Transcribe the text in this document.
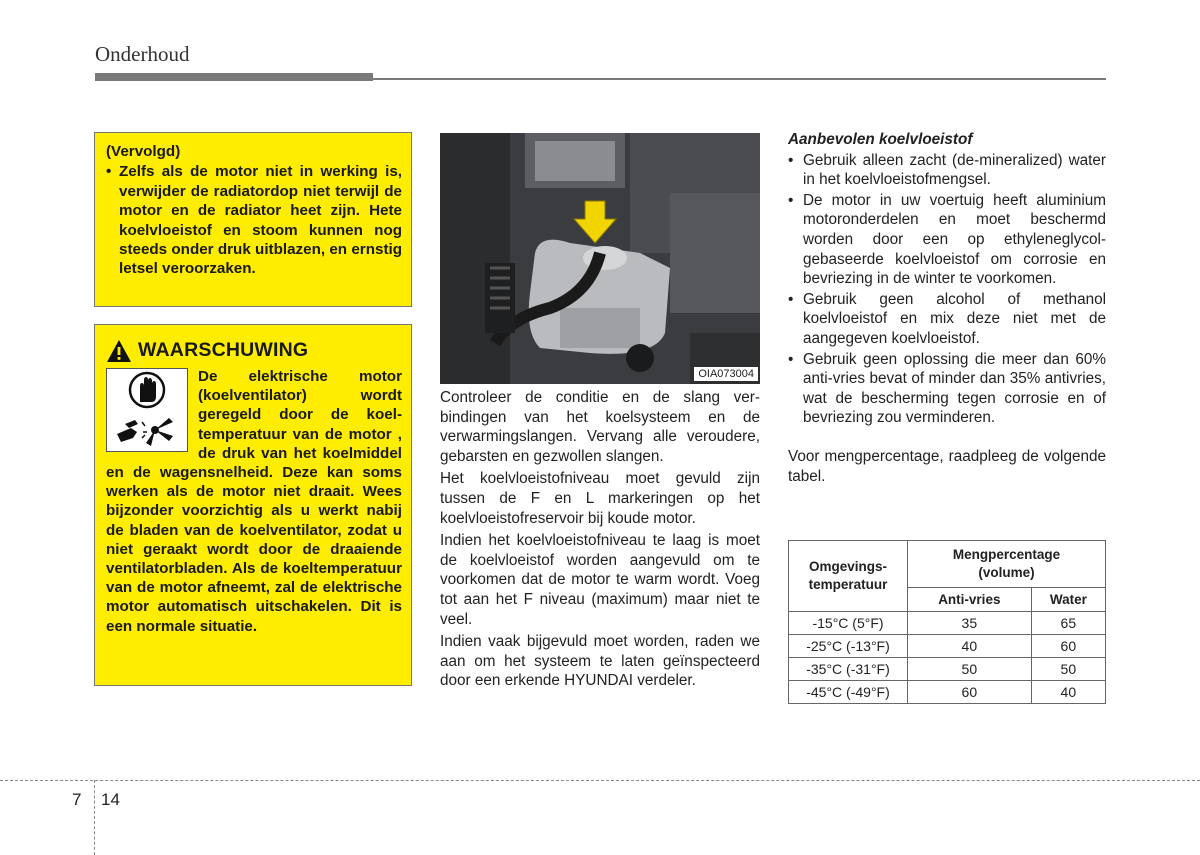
Onderhoud
(Vervolgd)
• Zelfs als de motor niet in werking is, verwijder de radiatordop niet terwijl de motor en de radiator heet zijn. Hete koelvloeistof en stoom kunnen nog steeds onder druk uitblazen, en ernstig letsel veroorzaken.
WAARSCHUWING
De elektrische motor (koelventilator) wordt geregeld door de koeltemperatuur van de motor , de druk van het koelmiddel en de wagensnelheid. Deze kan soms werken als de motor niet draait. Wees bijzonder voorzichtig als u werkt nabij de bladen van de koelventilator, zodat u niet geraakt wordt door de draaiende ventilatorbladen. Als de koeltemperatuur van de motor afneemt, zal de elektrische motor automatisch uitschakelen. Dit is een normale situatie.
OIA073004

Controleer de conditie en de slang verbindingen van het koelsysteem en de verwarmingslangen. Vervang alle veroudere, gebarsten en gezwollen slangen.

Het koelvloeistofniveau moet gevuld zijn tussen de F en L markeringen op het koelvloeistofreservoir bij koude motor.

Indien het koelvloeistofniveau te laag is moet de koelvloeistof worden aangevuld om te voorkomen dat de motor te warm wordt. Voeg tot aan het F niveau (maximum) maar niet te veel.

Indien vaak bijgevuld moet worden, raden we aan om het systeem te laten geïnspecteerd door een erkende HYUNDAI verdeler.

Aanbevolen koelvloeistof
• Gebruik alleen zacht (de-mineralized) water in het koelvloeistofmengsel.
• De motor in uw voertuig heeft aluminium motoronderdelen en moet beschermd worden door een op ethyleneglycol-gebaseerde koelvloeistof om corrosie en bevriezing in de winter te voorkomen.
• Gebruik geen alcohol of methanol koelvloeistof en mix deze niet met de aangegeven koelvloeistof.
• Gebruik geen oplossing die meer dan 60% anti-vries bevat of minder dan 35% antivries, wat de bescherming tegen corrosie en of bevriezing zou verminderen.
Voor mengpercentage, raadpleeg de volgende tabel.
Omgevings-temperatuur	Mengpercentage (volume)	
	Anti-vries	Water
-15°C (5°F)	35	65
-25°C (-13°F)	40	60
-35°C (-31°F)	50	50
-45°C (-49°F)	60	40
7 14
